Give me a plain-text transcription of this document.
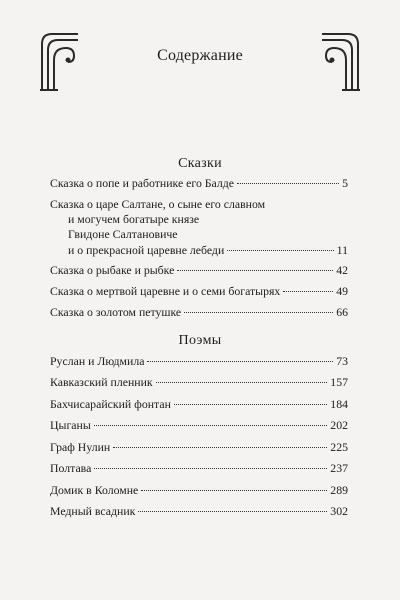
Содержание
Сказки
Сказка о попе и работнике его Балде	5
Сказка о царе Салтане, о сыне его славном
и могучем богатыре князе
Гвидоне Салтановиче
и о прекрасной царевне лебеди	11
Сказка о рыбаке и рыбке	42
Сказка о мертвой царевне и о семи богатырях	49
Сказка о золотом петушке	66
Поэмы
Руслан и Людмила	73
Кавказский пленник	157
Бахчисарайский фонтан	184
Цыганы	202
Граф Нулин	225
Полтава	237
Домик в Коломне	289
Медный всадник	302
